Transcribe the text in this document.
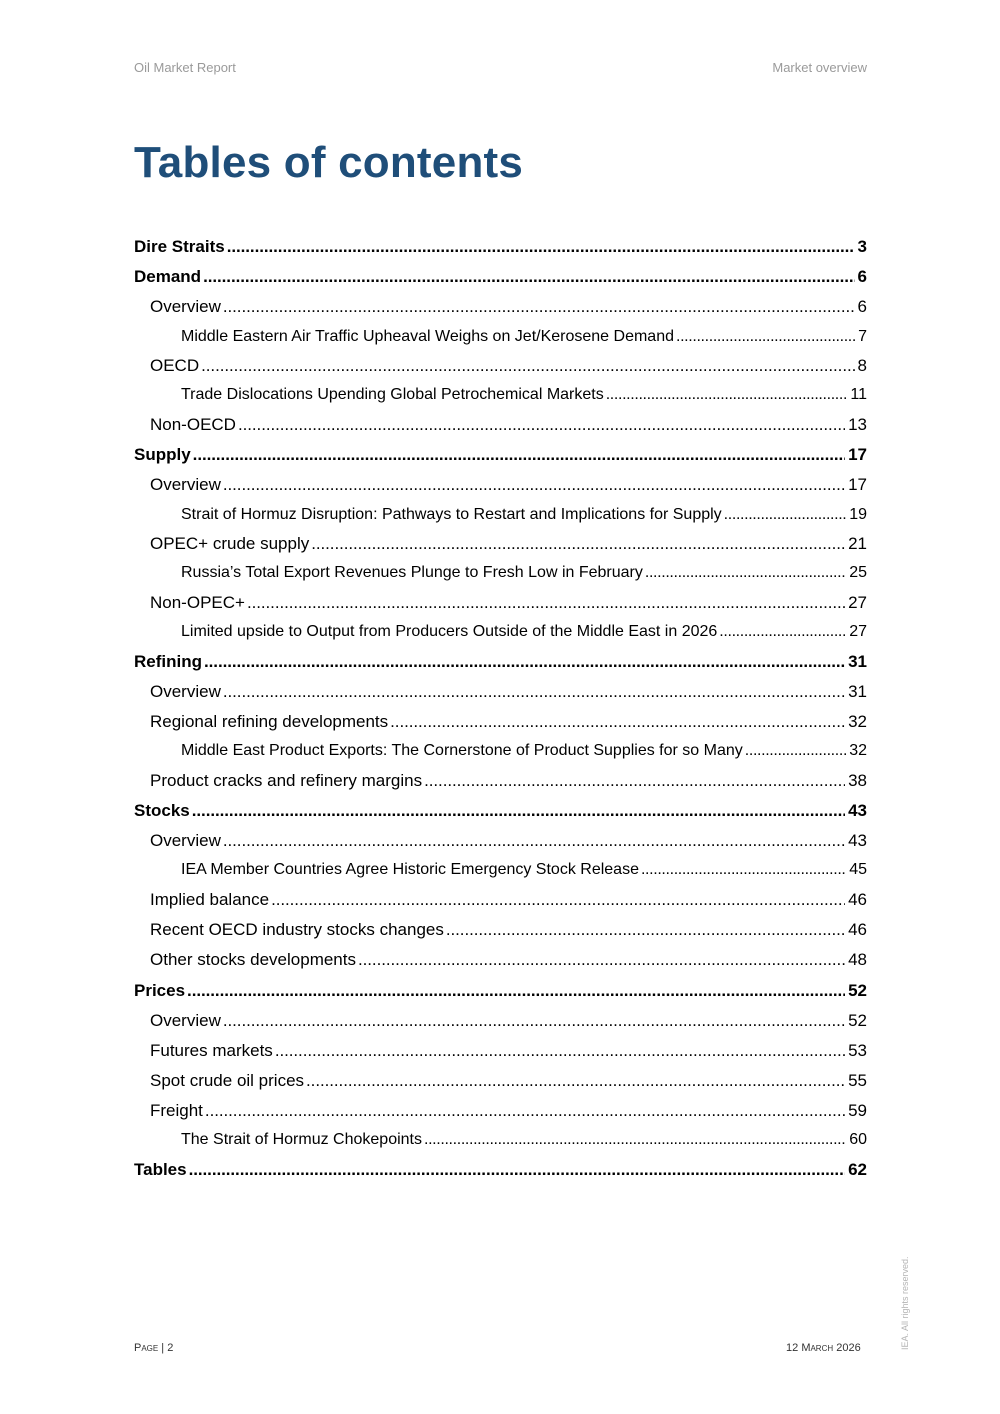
Oil Market Report	Market overview
Tables of contents
Dire Straits . . .	3
Demand . . .	6
Overview . . .	6
Middle Eastern Air Traffic Upheaval Weighs on Jet/Kerosene Demand . . .	7
OECD . . .	8
Trade Dislocations Upending Global Petrochemical Markets . . .	11
Non-OECD . . .	13
Supply . . .	17
Overview . . .	17
Strait of Hormuz Disruption: Pathways to Restart and Implications for Supply . . .	19
OPEC+ crude supply . . .	21
Russia’s Total Export Revenues Plunge to Fresh Low in February . . .	25
Non-OPEC+ . . .	27
Limited upside to Output from Producers Outside of the Middle East in 2026 . . .	27
Refining . . .	31
Overview . . .	31
Regional refining developments . . .	32
Middle East Product Exports: The Cornerstone of Product Supplies for so Many . . .	32
Product cracks and refinery margins . . .	38
Stocks . . .	43
Overview . . .	43
IEA Member Countries Agree Historic Emergency Stock Release . . .	45
Implied balance . . .	46
Recent OECD industry stocks changes . . .	46
Other stocks developments . . .	48
Prices . . .	52
Overview . . .	52
Futures markets . . .	53
Spot crude oil prices . . .	55
Freight . . .	59
The Strait of Hormuz Chokepoints . . .	60
Tables . . .	62
Page | 2	12 March 2026	IEA. All rights reserved.
